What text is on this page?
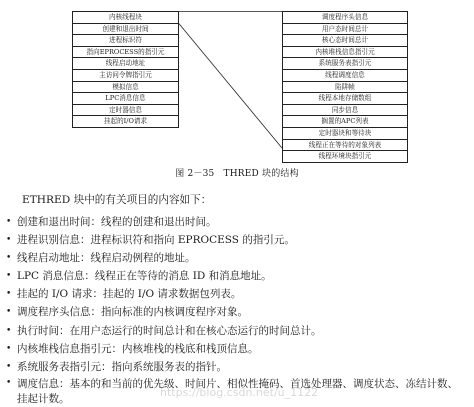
内核线程块
创建和退出时间
进程标识符
指向EPROCESS的指引元
线程启动地址
主访问令牌指引元
模拟信息
LPC消息信息
定时器信息
挂起的I/O请求
调度程序头信息
用户态时间总计
核心态时间总计
内核堆栈信息指引元
系统服务表指引元
线程调度信息
陷阱帧
线程本地存储数组
同步信息
搁置的APC列表
定时器块和等待块
线程正在等待的对象列表
线程环境块指引元
图 2－35 THRED 块的结构
ETHRED 块中的有关项目的内容如下：
• 创建和退出时间：线程的创建和退出时间。
• 进程识别信息：进程标识符和指向 EPROCESS 的指引元。
• 线程启动地址：线程启动例程的地址。
• LPC 消息信息：线程正在等待的消息 ID 和消息地址。
• 挂起的 I/O 请求：挂起的 I/O 请求数据包列表。
• 调度程序头信息：指向标准的内核调度程序对象。
• 执行时间：在用户态运行的时间总计和在核心态运行的时间总计。
• 内核堆栈信息指引元：内核堆栈的栈底和栈顶信息。
• 系统服务表指引元：指向系统服务表的指针。
• 调度信息：基本的和当前的优先级、时间片、相似性掩码、首选处理器、调度状态、冻结计数、挂起计数。	https://blog.csdn.net/u_1122
